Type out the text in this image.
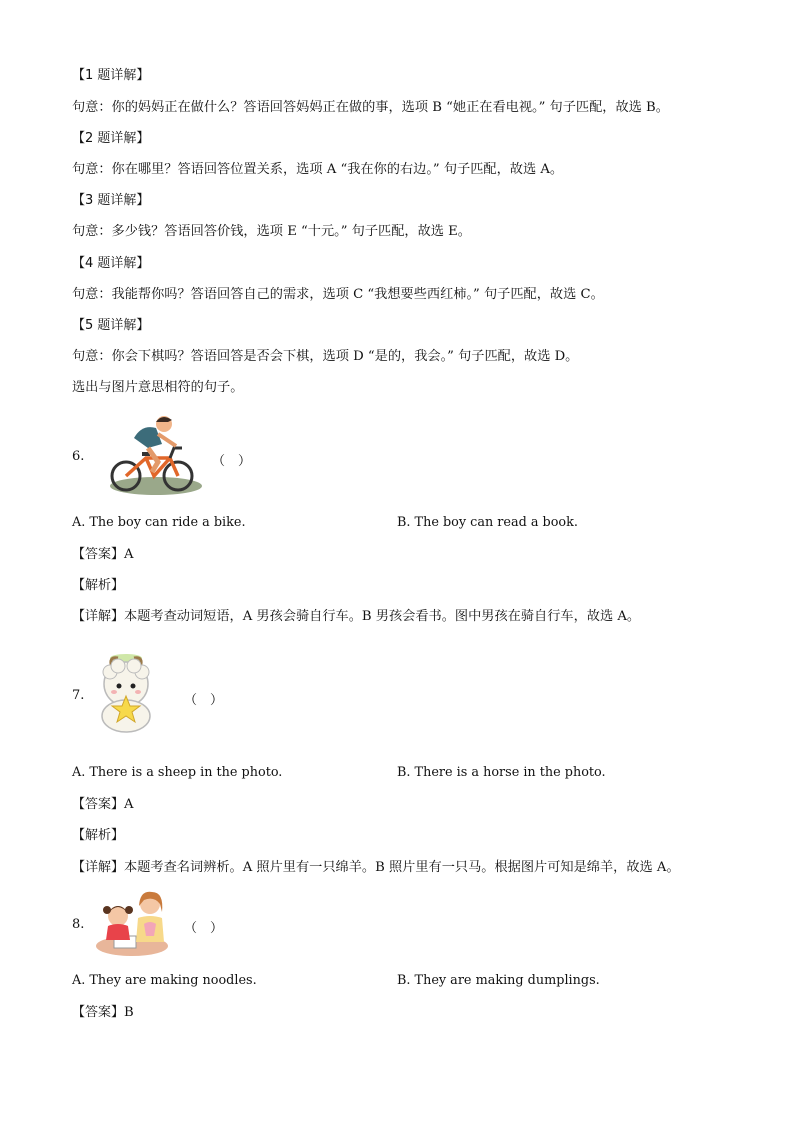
【1 题详解】
句意：你的妈妈正在做什么？答语回答妈妈正在做的事，选项 B “她正在看电视。” 句子匹配，故选 B。
【2 题详解】
句意：你在哪里？答语回答位置关系，选项 A “我在你的右边。” 句子匹配，故选 A。
【3 题详解】
句意：多少钱？答语回答价钱，选项 E “十元。” 句子匹配，故选 E。
【4 题详解】
句意：我能帮你吗？答语回答自己的需求，选项 C “我想要些西红柿。” 句子匹配，故选 C。
【5 题详解】
句意：你会下棋吗？答语回答是否会下棋，选项 D “是的，我会。” 句子匹配，故选 D。
选出与图片意思相符的句子。
6.	（　）
A. The boy can ride a bike.	B. The boy can read a book.
【答案】A
【解析】
【详解】本题考查动词短语，A 男孩会骑自行车。B 男孩会看书。图中男孩在骑自行车，故选 A。
7.	（　）
A. There is a sheep in the photo.	B. There is a horse in the photo.
【答案】A
【解析】
【详解】本题考查名词辨析。A 照片里有一只绵羊。B 照片里有一只马。根据图片可知是绵羊，故选 A。
8.	（　）
A. They are making noodles.	B. They are making dumplings.
【答案】B
